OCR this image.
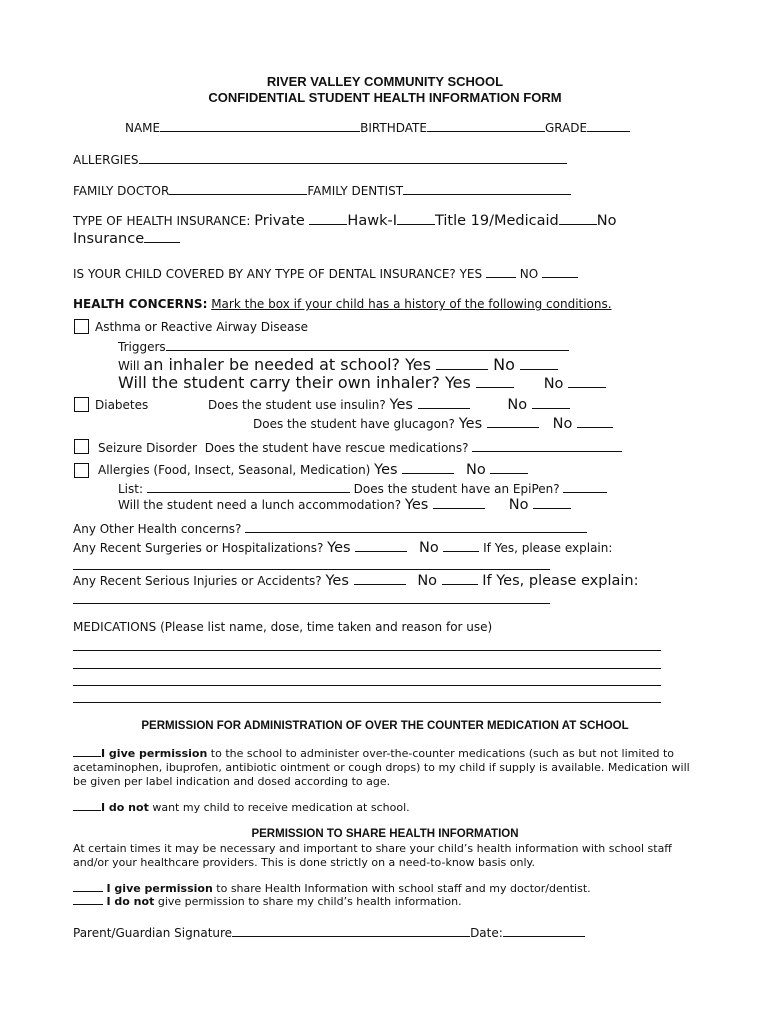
RIVER VALLEY COMMUNITY SCHOOL
CONFIDENTIAL STUDENT HEALTH INFORMATION FORM
NAME	BIRTHDATE	GRADE
ALLERGIES
FAMILY DOCTOR	FAMILY DENTIST
TYPE OF HEALTH INSURANCE: Private	Hawk-I	Title 19/Medicaid	No
Insurance
IS YOUR CHILD COVERED BY ANY TYPE OF DENTAL INSURANCE? YES	NO
HEALTH CONCERNS: Mark the box if your child has a history of the following conditions.
Asthma or Reactive Airway Disease
Triggers
Will an inhaler be needed at school? Yes	No
Will the student carry their own inhaler? Yes	No
Diabetes	Does the student use insulin? Yes	No
Does the student have glucagon? Yes	No
Seizure Disorder Does the student have rescue medications?
Allergies (Food, Insect, Seasonal, Medication) Yes	No
List:	Does the student have an EpiPen?
Will the student need a lunch accommodation? Yes	No
Any Other Health concerns?
Any Recent Surgeries or Hospitalizations? Yes	No	If Yes, please explain:
Any Recent Serious Injuries or Accidents? Yes	No  If Yes, please explain:
MEDICATIONS (Please list name, dose, time taken and reason for use)
PERMISSION FOR ADMINISTRATION OF OVER THE COUNTER MEDICATION AT SCHOOL
I give permission to the school to administer over-the-counter medications (such as but not limited to acetaminophen, ibuprofen, antibiotic ointment or cough drops) to my child if supply is available. Medication will be given per label indication and dosed according to age.
I do not want my child to receive medication at school.
PERMISSION TO SHARE HEALTH INFORMATION
At certain times it may be necessary and important to share your child’s health information with school staff and/or your healthcare providers. This is done strictly on a need-to-know basis only.
I give permission to share Health Information with school staff and my doctor/dentist.
I do not give permission to share my child’s health information.
Parent/Guardian Signature	Date:
